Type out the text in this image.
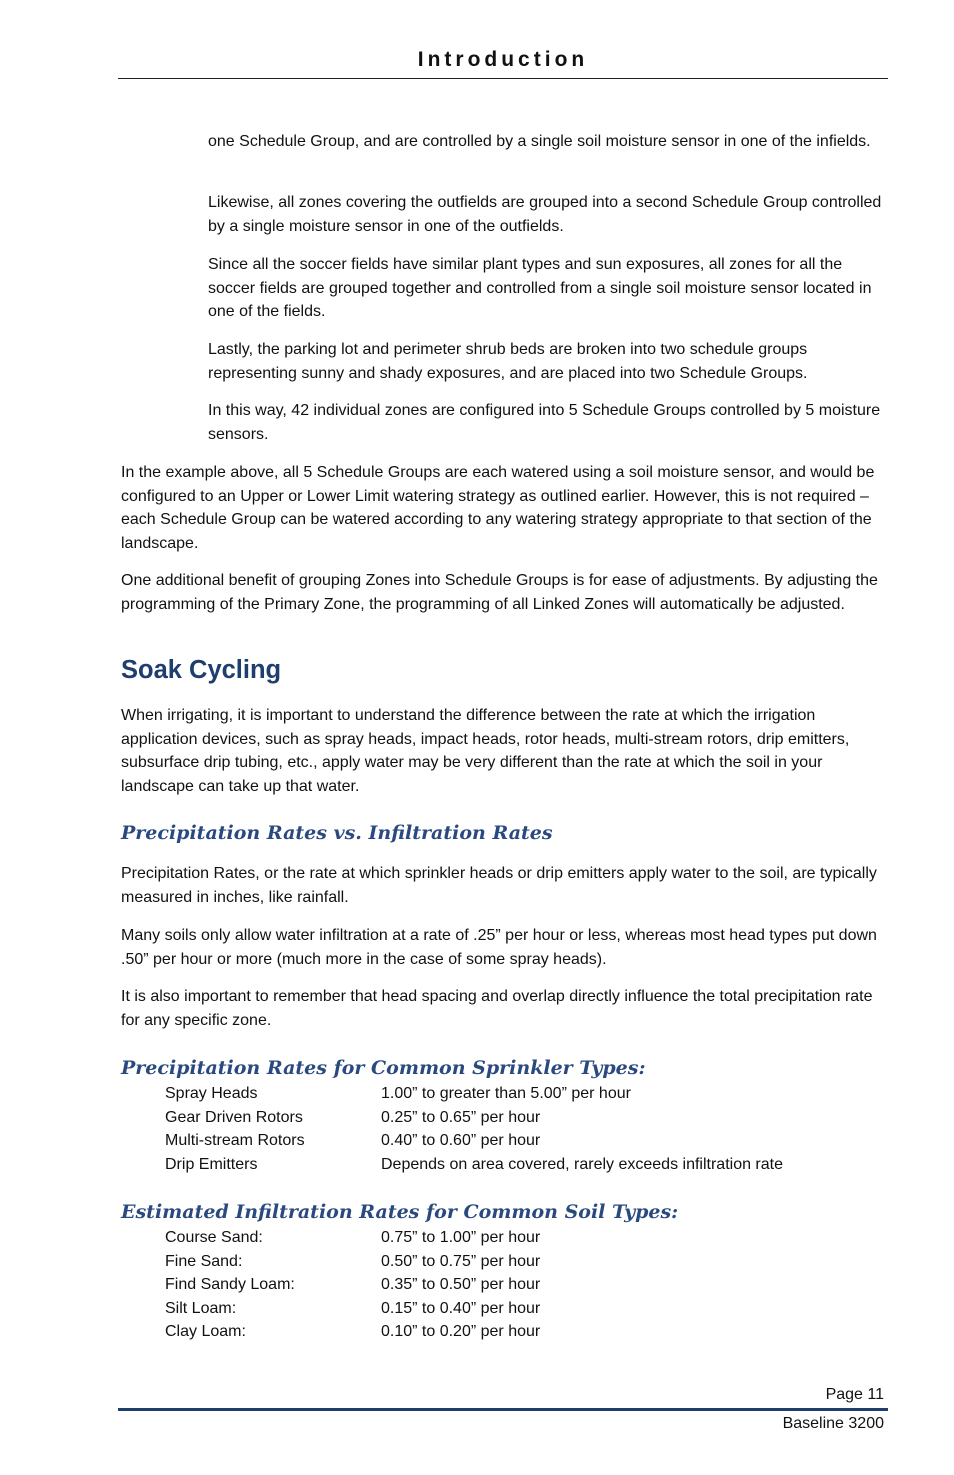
Introduction

one Schedule Group, and are controlled by a single soil moisture sensor in one of the infields.

Likewise, all zones covering the outfields are grouped into a second Schedule Group controlled by a single moisture sensor in one of the outfields.

Since all the soccer fields have similar plant types and sun exposures, all zones for all the soccer fields are grouped together and controlled from a single soil moisture sensor located in one of the fields.

Lastly, the parking lot and perimeter shrub beds are broken into two schedule groups representing sunny and shady exposures, and are placed into two Schedule Groups.

In this way, 42 individual zones are configured into 5 Schedule Groups controlled by 5 moisture sensors.

In the example above, all 5 Schedule Groups are each watered using a soil moisture sensor, and would be configured to an Upper or Lower Limit watering strategy as outlined earlier. However, this is not required – each Schedule Group can be watered according to any watering strategy appropriate to that section of the landscape.

One additional benefit of grouping Zones into Schedule Groups is for ease of adjustments. By adjusting the programming of the Primary Zone, the programming of all Linked Zones will automatically be adjusted.

Soak Cycling

When irrigating, it is important to understand the difference between the rate at which the irrigation application devices, such as spray heads, impact heads, rotor heads, multi-stream rotors, drip emitters, subsurface drip tubing, etc., apply water may be very different than the rate at which the soil in your landscape can take up that water.

Precipitation Rates vs. Infiltration Rates

Precipitation Rates, or the rate at which sprinkler heads or drip emitters apply water to the soil, are typically measured in inches, like rainfall.

Many soils only allow water infiltration at a rate of .25” per hour or less, whereas most head types put down .50” per hour or more (much more in the case of some spray heads).

It is also important to remember that head spacing and overlap directly influence the total precipitation rate for any specific zone.

Precipitation Rates for Common Sprinkler Types:
Spray Heads	1.00” to greater than 5.00” per hour
Gear Driven Rotors	0.25” to 0.65” per hour
Multi-stream Rotors	0.40” to 0.60” per hour
Drip Emitters	Depends on area covered, rarely exceeds infiltration rate
Estimated Infiltration Rates for Common Soil Types:
Course Sand:	0.75” to 1.00” per hour
Fine Sand:	0.50” to 0.75” per hour
Find Sandy Loam:	0.35” to 0.50” per hour
Silt Loam:	0.15” to 0.40” per hour
Clay Loam:	0.10” to 0.20” per hour
Page 11
Baseline 3200
